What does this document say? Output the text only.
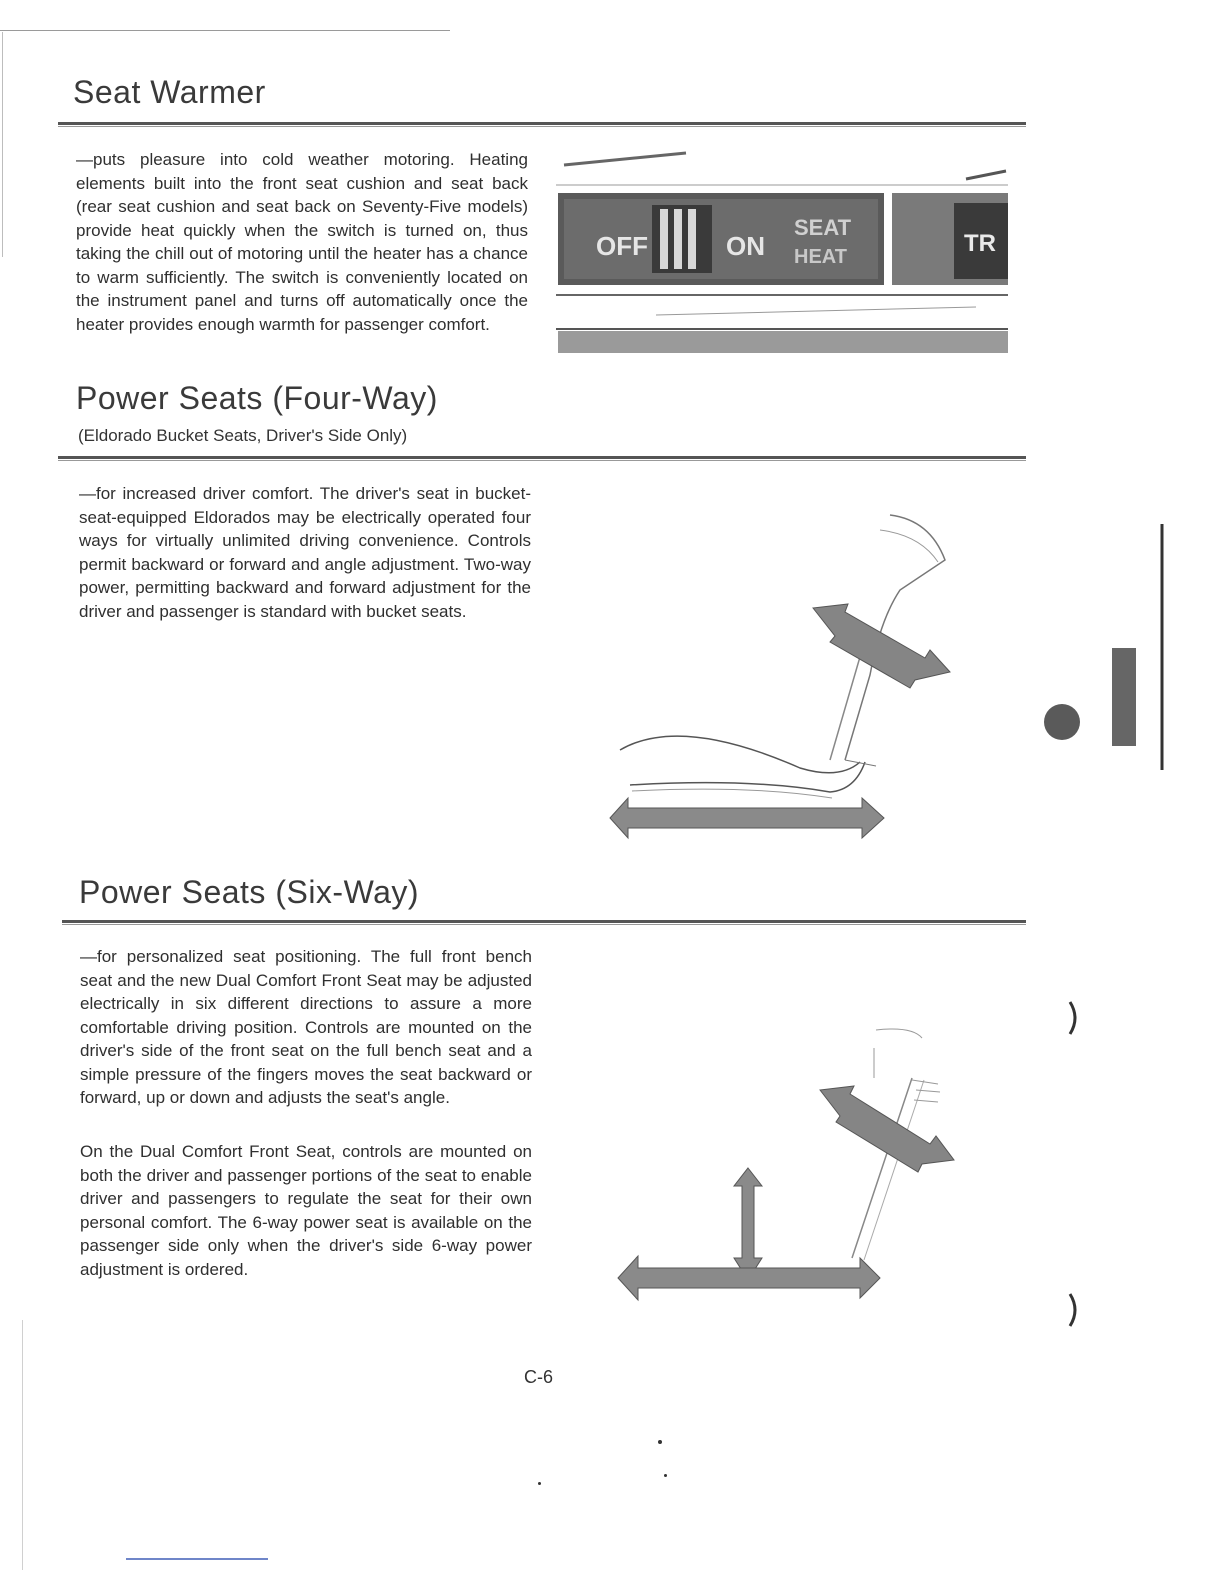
Seat Warmer

—puts pleasure into cold weather motoring. Heating elements built into the front seat cushion and seat back (rear seat cushion and seat back on Seventy-Five models) provide heat quickly when the switch is turned on, thus taking the chill out of motoring until the heater has a chance to warm sufficiently. The switch is conveniently located on the instrument panel and turns off automatically once the heater provides enough warmth for passenger comfort.

OFF	ON
SEAT
HEAT	TR
Power Seats (Four-Way)

(Eldorado Bucket Seats, Driver's Side Only)

—for increased driver comfort. The driver's seat in bucket-seat-equipped Eldorados may be electrically operated four ways for virtually unlimited driving convenience. Controls permit backward or forward and angle adjustment. Two-way power, permitting backward and forward adjustment for the driver and passenger is standard with bucket seats.

Power Seats (Six-Way)

—for personalized seat positioning. The full front bench seat and the new Dual Comfort Front Seat may be adjusted electrically in six different directions to assure a more comfortable driving position. Controls are mounted on the driver's side of the front seat on the full bench seat and a simple pressure of the fingers moves the seat backward or forward, up or down and adjusts the seat's angle.

On the Dual Comfort Front Seat, controls are mounted on both the driver and passenger portions of the seat to enable driver and passengers to regulate the seat for their own personal comfort. The 6-way power seat is available on the passenger side only when the driver's side 6-way power adjustment is ordered.

C-6
